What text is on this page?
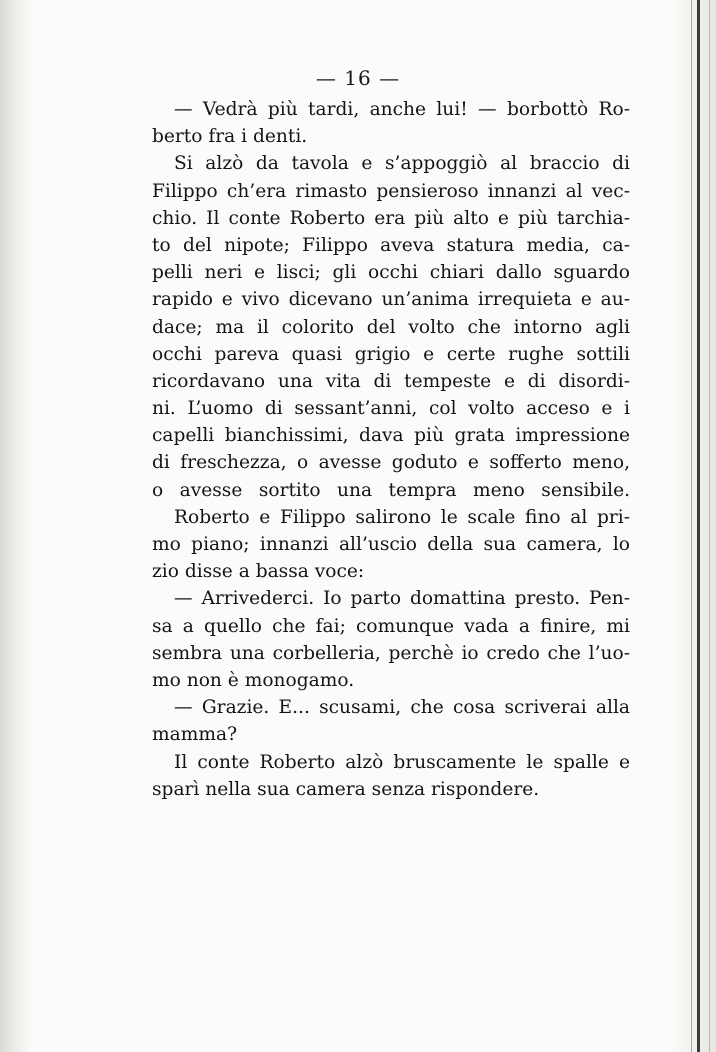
— 16 —

— Vedrà più tardi, anche lui! — borbottò Ro-
berto fra i denti.
Si alzò da tavola e s’appoggiò al braccio di
Filippo ch’era rimasto pensieroso innanzi al vec-
chio. Il conte Roberto era più alto e più tarchia-
to del nipote; Filippo aveva statura media, ca-
pelli neri e lisci; gli occhi chiari dallo sguardo
rapido e vivo dicevano un’anima irrequieta e au-
dace; ma il colorito del volto che intorno agli
occhi pareva quasi grigio e certe rughe sottili
ricordavano una vita di tempeste e di disordi-
ni. L’uomo di sessant’anni, col volto acceso e i
capelli bianchissimi, dava più grata impressione
di freschezza, o avesse goduto e sofferto meno,
o avesse sortito una tempra meno sensibile.
Roberto e Filippo salirono le scale fino al pri-
mo piano; innanzi all’uscio della sua camera, lo
zio disse a bassa voce:
— Arrivederci. Io parto domattina presto. Pen-
sa a quello che fai; comunque vada a finire, mi
sembra una corbelleria, perchè io credo che l’uo-
mo non è monogamo.
— Grazie. E... scusami, che cosa scriverai alla
mamma?
Il conte Roberto alzò bruscamente le spalle e
sparì nella sua camera senza rispondere.
